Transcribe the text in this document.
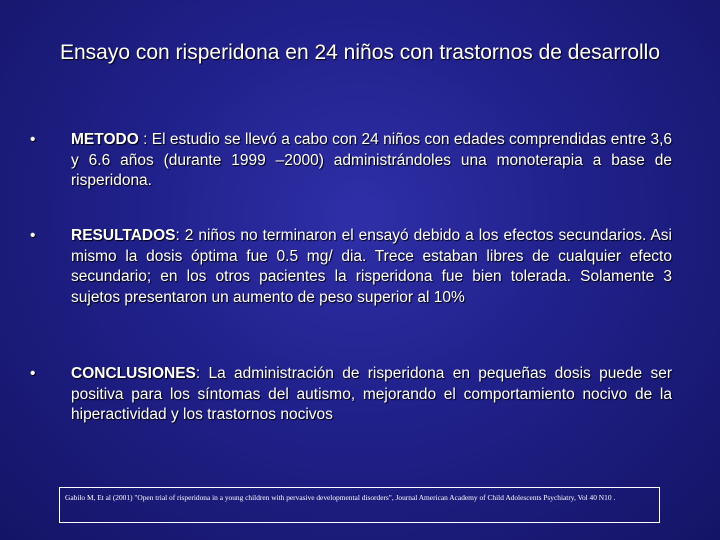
Ensayo con risperidona en 24 niños con trastornos de desarrollo
• METODO : El estudio se llevó a cabo con 24 niños con edades comprendidas entre 3,6 y 6.6 años (durante 1999 –2000) administrándoles una monoterapia a base de risperidona.
• RESULTADOS: 2 niños no terminaron el ensayó debido a los efectos secundarios. Asi mismo la dosis óptima fue 0.5 mg/ dia. Trece estaban libres de cualquier efecto secundario; en los otros pacientes la risperidona fue bien tolerada. Solamente 3 sujetos presentaron un aumento de peso superior al 10%
• CONCLUSIONES: La administración de risperidona en pequeñas dosis puede ser positiva para los síntomas del autismo, mejorando el comportamiento nocivo de la hiperactividad y los trastornos nocivos
Gabilo M, Et al (2001) "Open trial of risperidona in a young children with pervasive developmental disorders", Journal American Academy of Child Adolescents Psychiatry, Vol 40 N10 .
